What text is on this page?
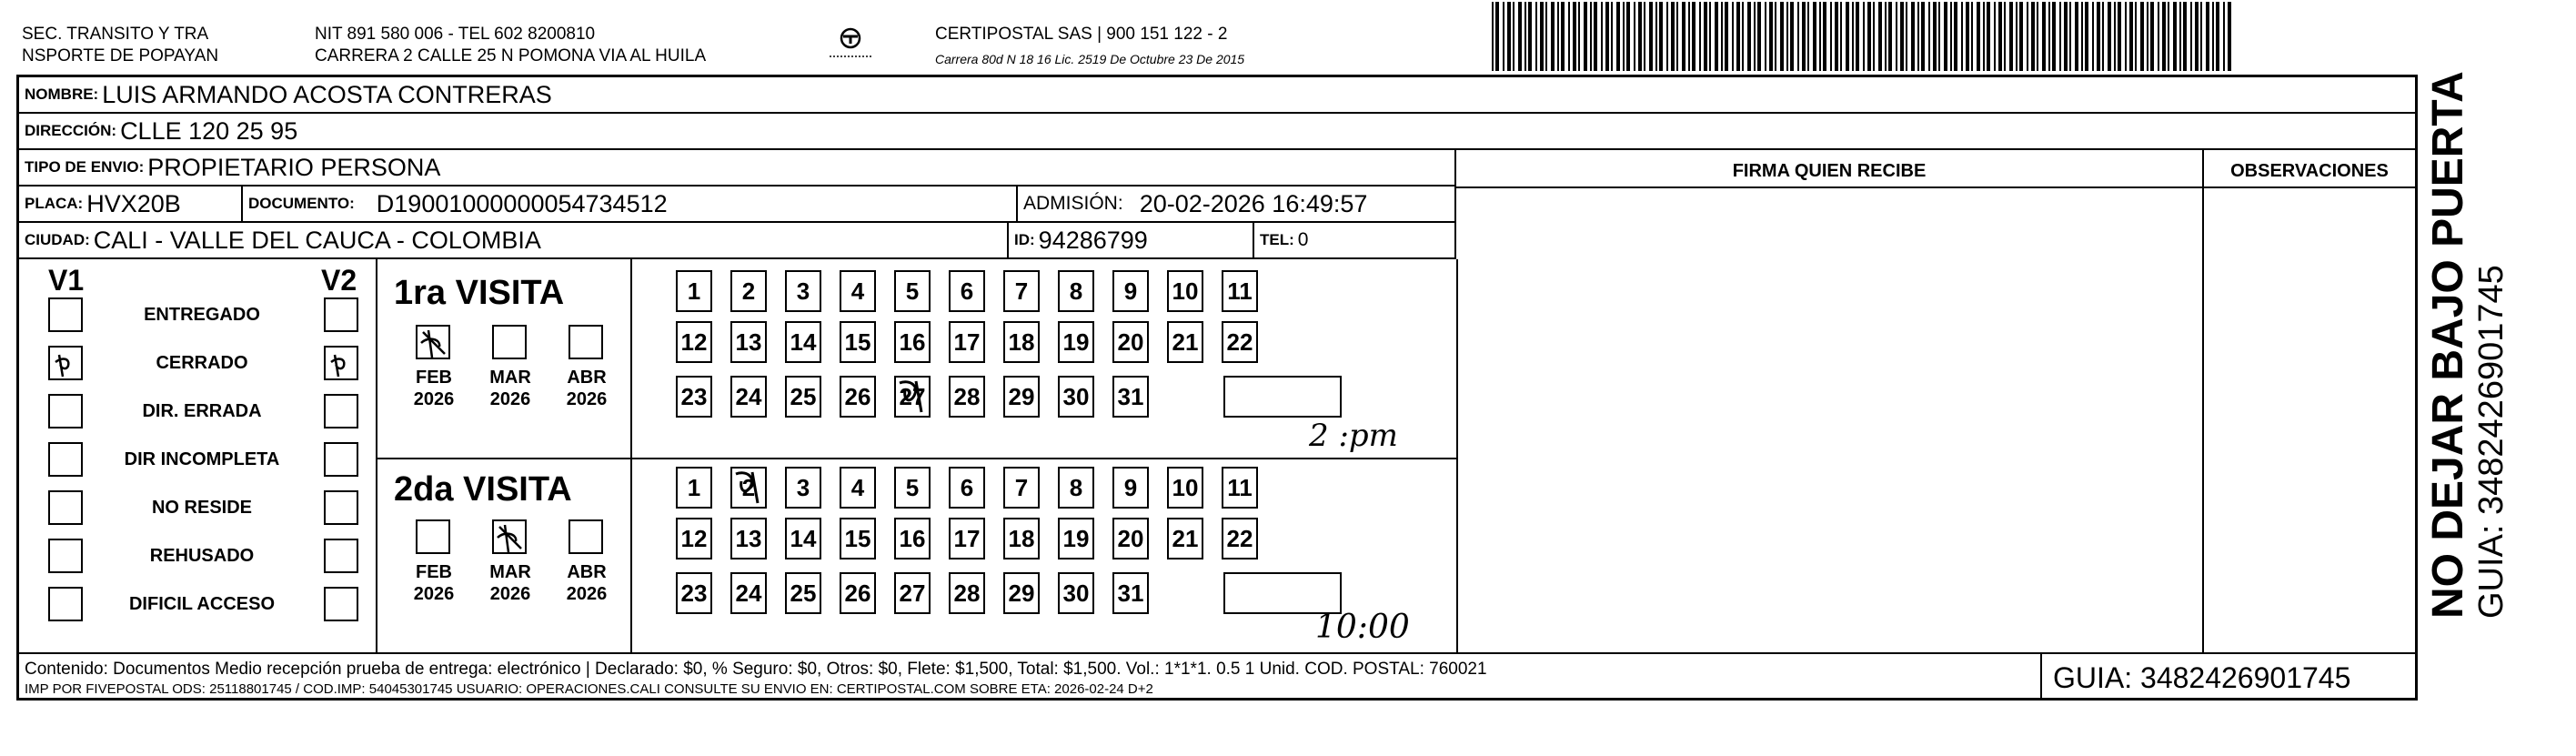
SEC. TRANSITO Y TRA
NSPORTE DE POPAYAN
NIT 891 580 006 - TEL 602 8200810
CARRERA 2 CALLE 25 N POMONA VIA AL HUILA
CERTIPOSTAL SAS | 900 151 122 - 2
Carrera 80d N 18 16 Lic. 2519 De Octubre 23 De 2015
NOMBRE: LUIS ARMANDO ACOSTA CONTRERAS
DIRECCIÓN: CLLE 120 25 95
TIPO DE ENVIO: PROPIETARIO PERSONA
PLACA: HVX20B	DOCUMENTO: D19001000000054734512	ADMISIÓN: 20-02-2026 16:49:57
CIUDAD: CALI - VALLE DEL CAUCA - COLOMBIA	ID: 94286799	TEL: 0
FIRMA QUIEN RECIBE	OBSERVACIONES
V1	V2
ENTREGADO
CERRADO
DIR. ERRADA
DIR INCOMPLETA
NO RESIDE
REHUSADO
DIFICIL ACCESO
1ra VISITA
2da VISITA
FEB
2026
MAR
2026
ABR
2026
FEB
2026
MAR
2026
ABR
2026
1	2	3	4	5	6	7	8	9	10 11
12 13 14 15 16 17 18 19 20 21 22
23 24 25 26 27 28 29 30 31
1	2	3	4	5	6	7	8	9	10 11
12 13 14 15 16 17 18 19 20 21 22
23 24 25 26 27 28 29 30 31
2 :pm
10:00
Contenido: Documentos Medio recepción prueba de entrega: electrónico | Declarado: $0, % Seguro: $0, Otros: $0, Flete: $1,500, Total: $1,500. Vol.: 1*1*1. 0.5 1 Unid. COD. POSTAL: 760021
IMP POR FIVEPOSTAL ODS: 25118801745 / COD.IMP: 54045301745 USUARIO: OPERACIONES.CALI CONSULTE SU ENVIO EN: CERTIPOSTAL.COM SOBRE ETA: 2026-02-24 D+2	GUIA: 3482426901745
NO DEJAR BAJO PUERTA GUIA: 3482426901745
